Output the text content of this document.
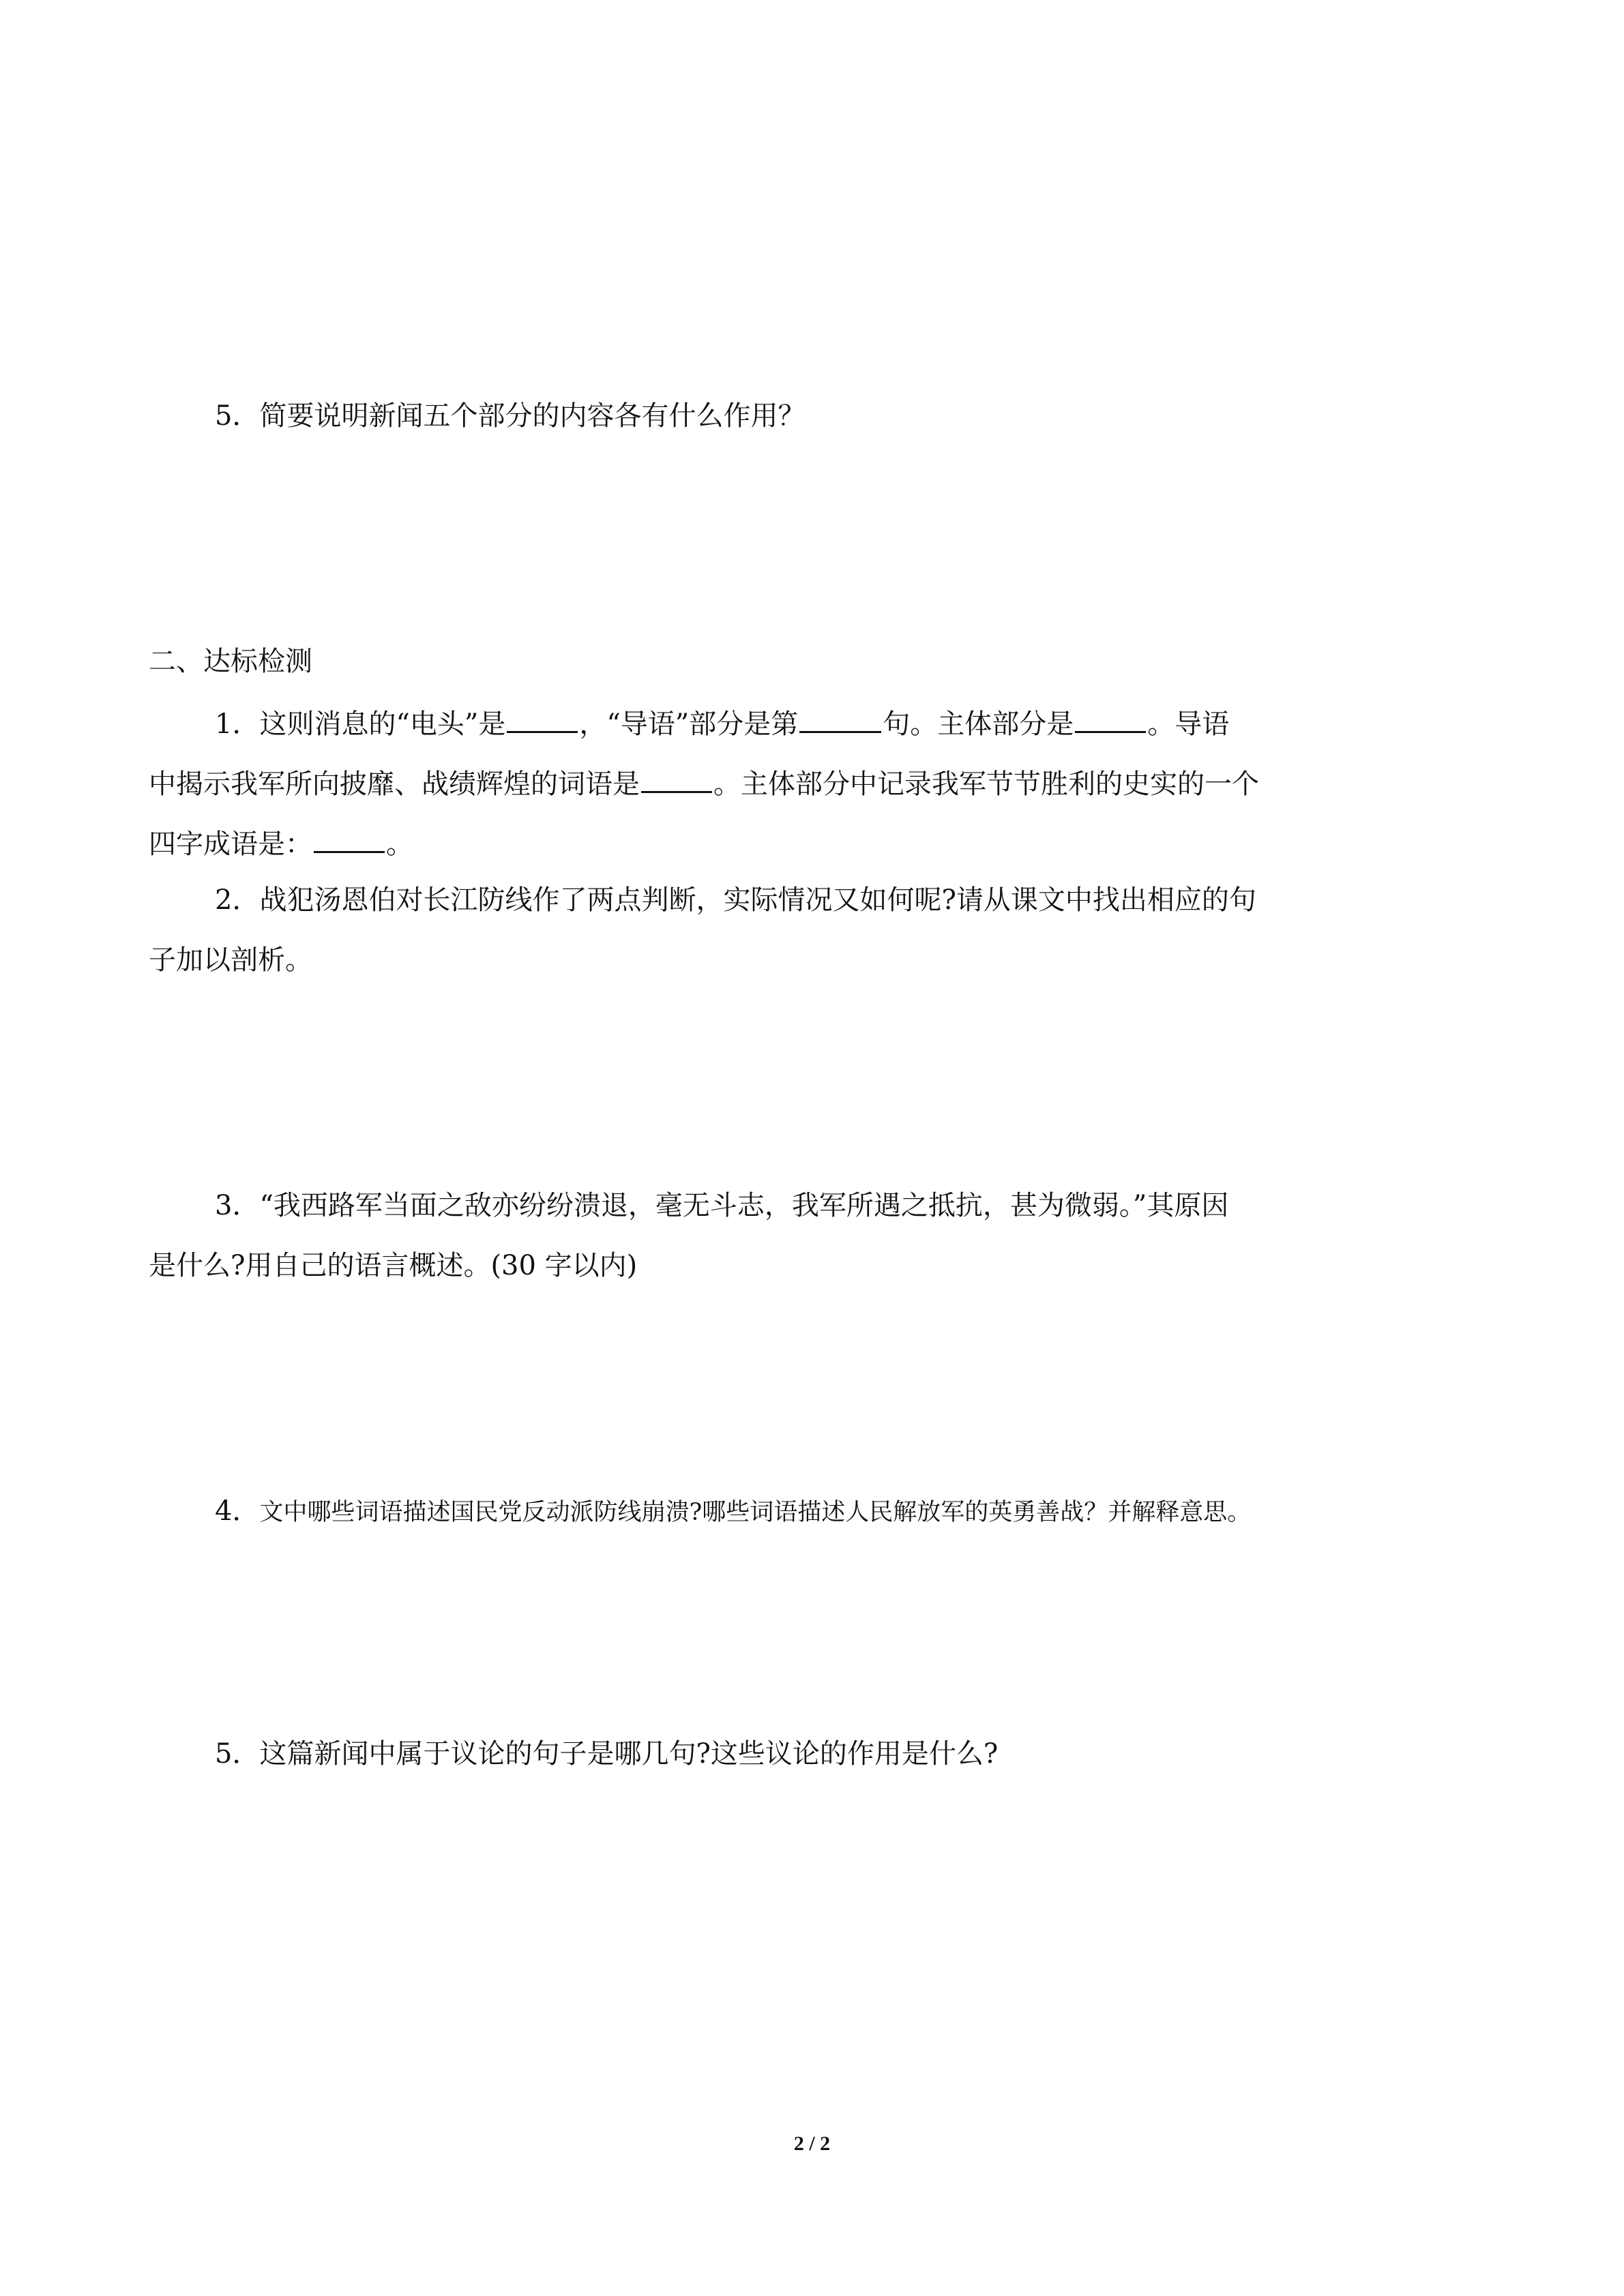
5．简要说明新闻五个部分的内容各有什么作用？
二、达标检测
1．这则消息的“电头”是	，“导语”部分是第	句。主体部分是	。导语
中揭示我军所向披靡、战绩辉煌的词语是	。主体部分中记录我军节节胜利的史实的一个
四字成语是：	。
2．战犯汤恩伯对长江防线作了两点判断，实际情况又如何呢?请从课文中找出相应的句
子加以剖析。
3．“我西路军当面之敌亦纷纷溃退，毫无斗志，我军所遇之抵抗，甚为微弱。”其原因
是什么?用自己的语言概述。(30 字以内)
4．文中哪些词语描述国民党反动派防线崩溃?哪些词语描述人民解放军的英勇善战？并解释意思。
5．这篇新闻中属于议论的句子是哪几句?这些议论的作用是什么?
2 / 2
